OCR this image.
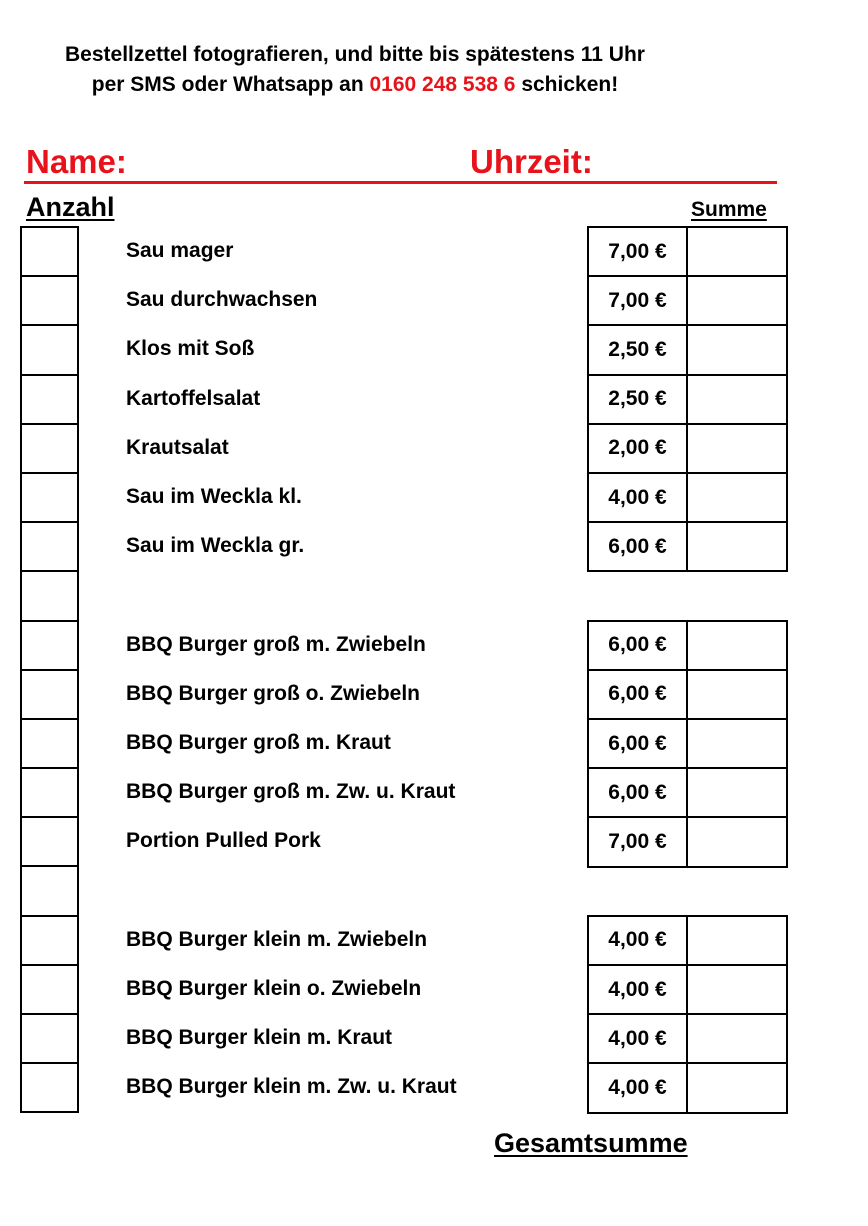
Bestellzettel fotografieren, und bitte bis spätestens 11 Uhr
per SMS oder Whatsapp an 0160 248 538 6 schicken!
Name:	Uhrzeit:
Anzahl	Summe
Sau mager
Sau durchwachsen
Klos mit Soß
Kartoffelsalat
Krautsalat
Sau im Weckla kl.
Sau im Weckla gr.
BBQ Burger groß m. Zwiebeln
BBQ Burger groß o. Zwiebeln
BBQ Burger groß m. Kraut
BBQ Burger groß m. Zw. u. Kraut
Portion Pulled Pork
BBQ Burger klein m. Zwiebeln
BBQ Burger klein o. Zwiebeln
BBQ Burger klein m. Kraut
BBQ Burger klein m. Zw. u. Kraut
7,00 €
7,00 €
2,50 €
2,50 €
2,00 €
4,00 €
6,00 €
6,00 €
6,00 €
6,00 €
6,00 €
7,00 €
4,00 €
4,00 €
4,00 €
4,00 €
Gesamtsumme
